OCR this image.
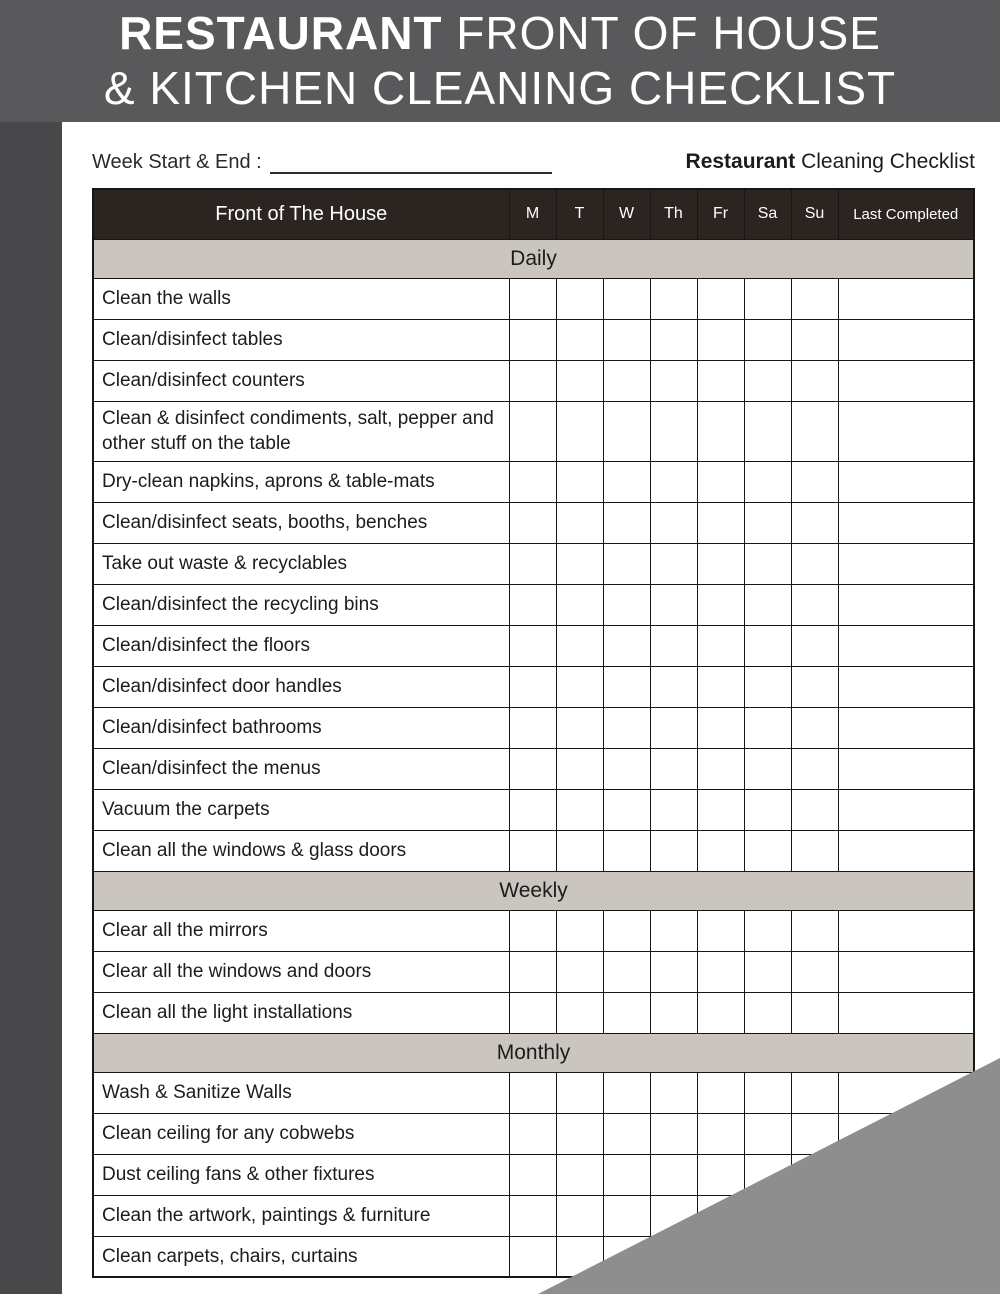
RESTAURANT FRONT OF HOUSE
& KITCHEN CLEANING CHECKLIST
Week Start & End :	Restaurant Cleaning Checklist
Front of The House	M	T	W	Th	Fr	Sa	Su	Last Completed
Daily								
Clean the walls								
Clean/disinfect tables								
Clean/disinfect counters								
Clean & disinfect condiments, salt, pepper and other stuff on the table								
Dry-clean napkins, aprons & table-mats								
Clean/disinfect seats, booths, benches								
Take out waste & recyclables								
Clean/disinfect the recycling bins								
Clean/disinfect the floors								
Clean/disinfect door handles								
Clean/disinfect bathrooms								
Clean/disinfect the menus								
Vacuum the carpets								
Clean all the windows & glass doors								
Weekly								
Clear all the mirrors								
Clear all the windows and doors								
Clean all the light installations								
Monthly								
Wash & Sanitize Walls								
Clean ceiling for any cobwebs								
Dust ceiling fans & other fixtures								
Clean the artwork, paintings & furniture								
Clean carpets, chairs, curtains								
